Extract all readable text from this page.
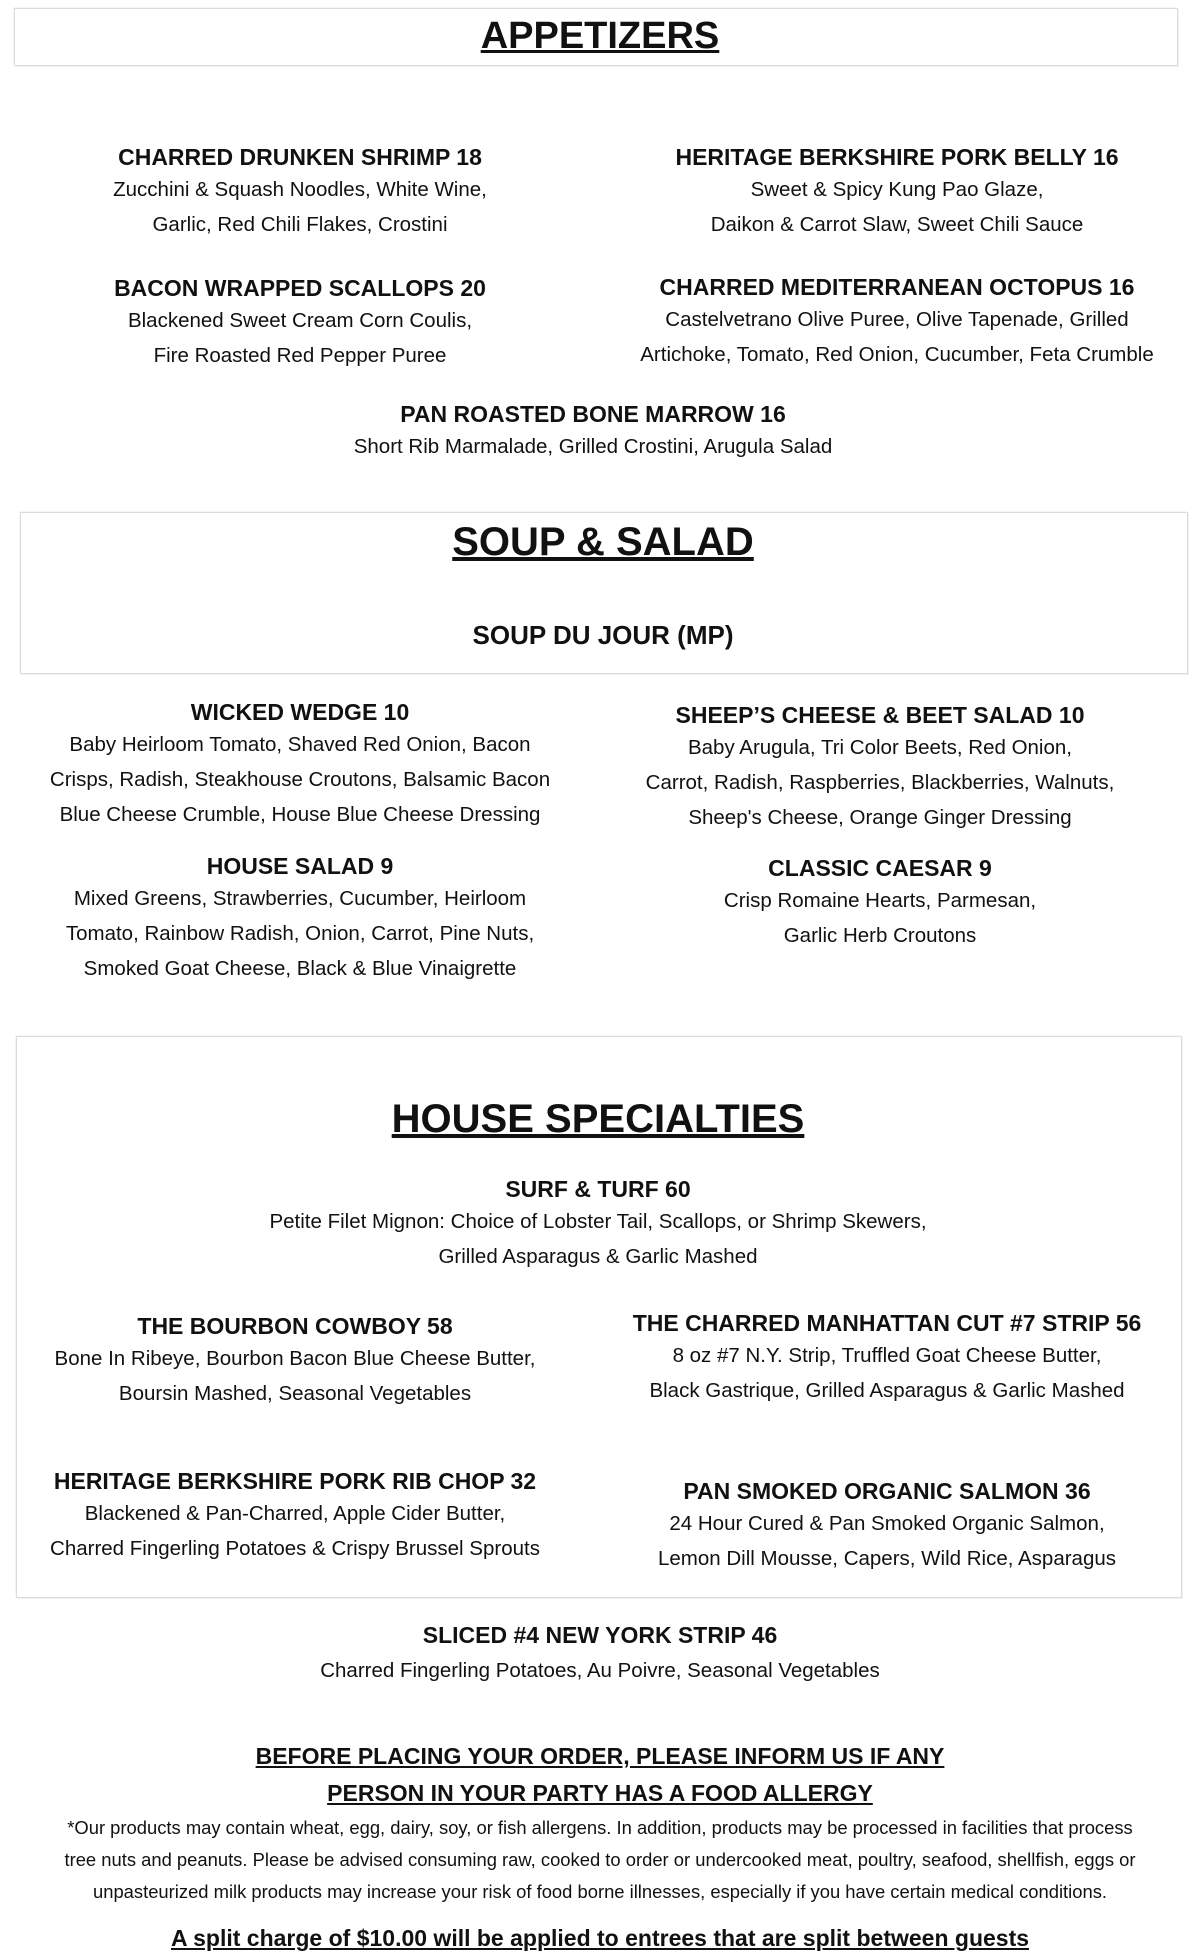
APPETIZERS
CHARRED DRUNKEN SHRIMP 18
Zucchini & Squash Noodles, White Wine,
Garlic, Red Chili Flakes, Crostini
HERITAGE BERKSHIRE PORK BELLY 16
Sweet & Spicy Kung Pao Glaze,
Daikon & Carrot Slaw, Sweet Chili Sauce
BACON WRAPPED SCALLOPS 20
Blackened Sweet Cream Corn Coulis,
Fire Roasted Red Pepper Puree
CHARRED MEDITERRANEAN OCTOPUS 16
Castelvetrano Olive Puree, Olive Tapenade, Grilled
Artichoke, Tomato, Red Onion, Cucumber, Feta Crumble
PAN ROASTED BONE MARROW 16
Short Rib Marmalade, Grilled Crostini, Arugula Salad
SOUP & SALAD
SOUP DU JOUR (MP)
WICKED WEDGE 10
Baby Heirloom Tomato, Shaved Red Onion, Bacon
Crisps, Radish, Steakhouse Croutons, Balsamic Bacon
Blue Cheese Crumble, House Blue Cheese Dressing
SHEEP’S CHEESE & BEET SALAD 10
Baby Arugula, Tri Color Beets, Red Onion,
Carrot, Radish, Raspberries, Blackberries, Walnuts,
Sheep's Cheese, Orange Ginger Dressing
HOUSE SALAD 9
Mixed Greens, Strawberries, Cucumber, Heirloom
Tomato, Rainbow Radish, Onion, Carrot, Pine Nuts,
Smoked Goat Cheese, Black & Blue Vinaigrette
CLASSIC CAESAR 9
Crisp Romaine Hearts, Parmesan,
Garlic Herb Croutons
HOUSE SPECIALTIES
SURF & TURF 60
Petite Filet Mignon: Choice of Lobster Tail, Scallops, or Shrimp Skewers,
Grilled Asparagus & Garlic Mashed
THE BOURBON COWBOY 58
Bone In Ribeye, Bourbon Bacon Blue Cheese Butter,
Boursin Mashed, Seasonal Vegetables
THE CHARRED MANHATTAN CUT #7 STRIP 56
8 oz #7 N.Y. Strip, Truffled Goat Cheese Butter,
Black Gastrique, Grilled Asparagus & Garlic Mashed
HERITAGE BERKSHIRE PORK RIB CHOP 32
Blackened & Pan-Charred, Apple Cider Butter,
Charred Fingerling Potatoes & Crispy Brussel Sprouts
PAN SMOKED ORGANIC SALMON 36
24 Hour Cured & Pan Smoked Organic Salmon,
Lemon Dill Mousse, Capers, Wild Rice, Asparagus
SLICED #4 NEW YORK STRIP 46
Charred Fingerling Potatoes, Au Poivre, Seasonal Vegetables
BEFORE PLACING YOUR ORDER, PLEASE INFORM US IF ANY
PERSON IN YOUR PARTY HAS A FOOD ALLERGY
*Our products may contain wheat, egg, dairy, soy, or fish allergens. In addition, products may be processed in facilities that process
tree nuts and peanuts. Please be advised consuming raw, cooked to order or undercooked meat, poultry, seafood, shellfish, eggs or
unpasteurized milk products may increase your risk of food borne illnesses, especially if you have certain medical conditions.
A split charge of $10.00 will be applied to entrees that are split between guests
